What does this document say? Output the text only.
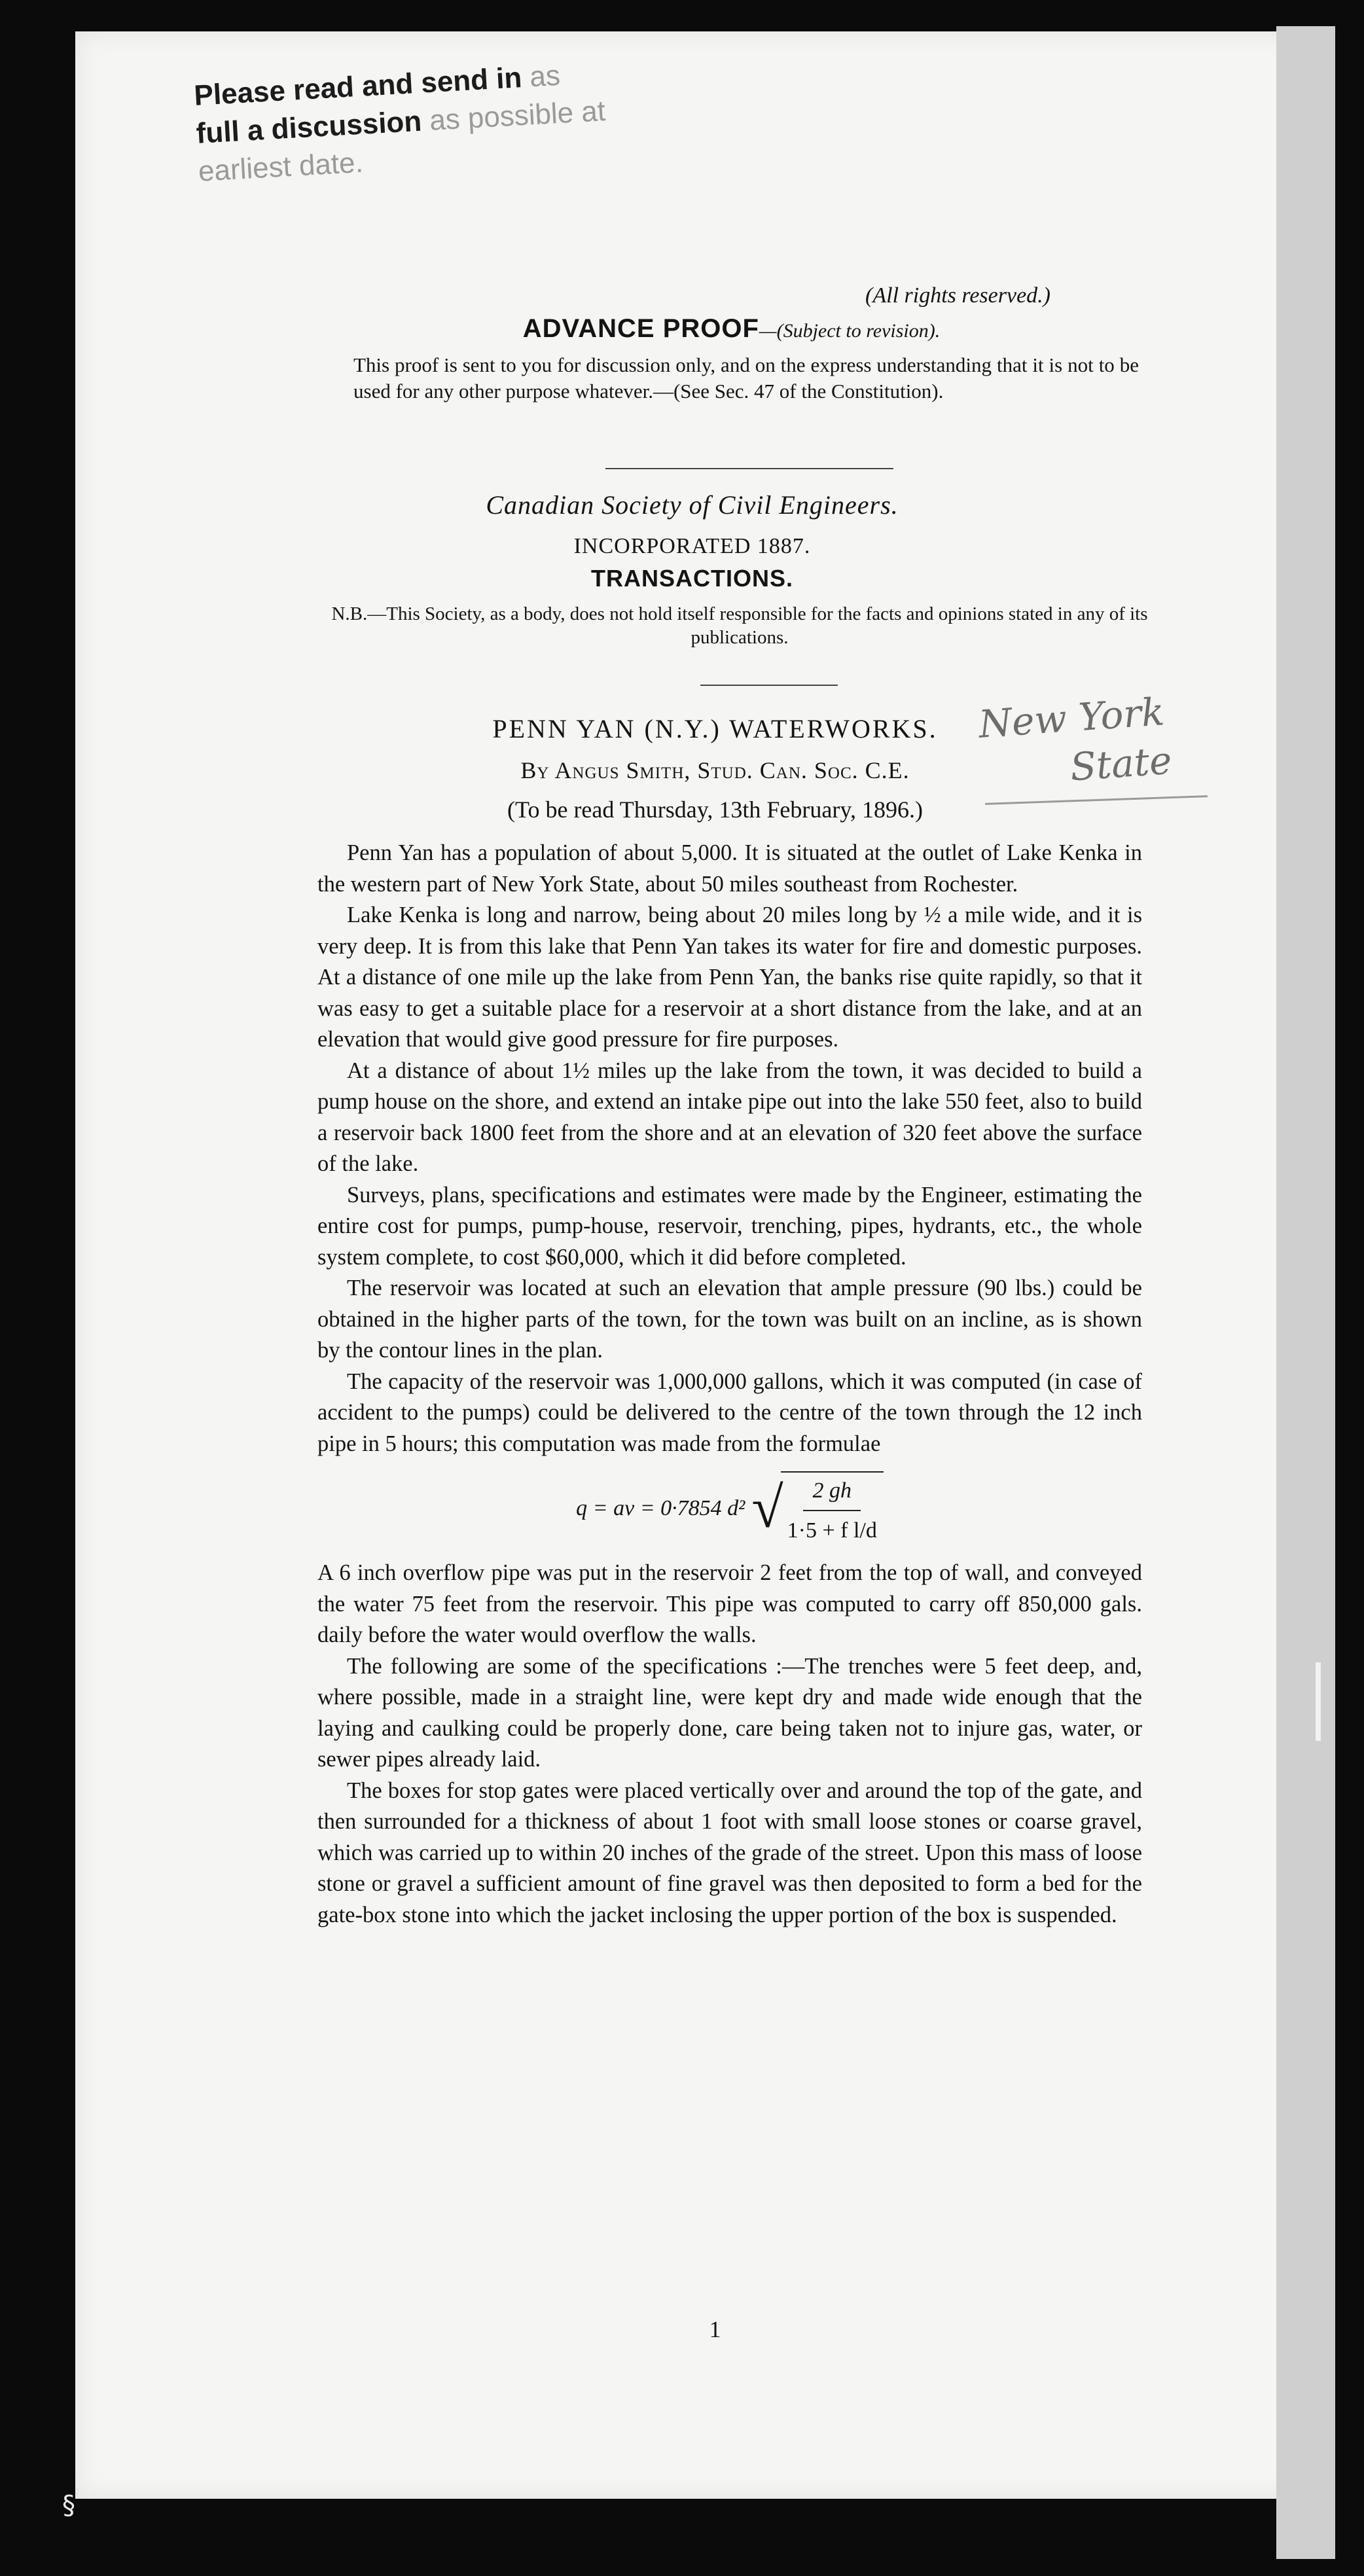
Please read and send in as
full a discussion as possible at
earliest date.
(All rights reserved.)
ADVANCE PROOF—(Subject to revision).
This proof is sent to you for discussion only, and on the express understanding that it is not to be used for any other purpose whatever.—(See Sec. 47 of the Constitution).
Canadian Society of Civil Engineers.
INCORPORATED 1887.
TRANSACTIONS.
N.B.—This Society, as a body, does not hold itself responsible for the facts and opinions stated in any of its publications.
PENN YAN (N.Y.) WATERWORKS.
By Angus Smith, Stud. Can. Soc. C.E.
(To be read Thursday, 13th February, 1896.)
New York
State

Penn Yan has a population of about 5,000. It is situated at the outlet of Lake Kenka in the western part of New York State, about 50 miles southeast from Rochester.

Lake Kenka is long and narrow, being about 20 miles long by ½ a mile wide, and it is very deep. It is from this lake that Penn Yan takes its water for fire and domestic purposes. At a distance of one mile up the lake from Penn Yan, the banks rise quite rapidly, so that it was easy to get a suitable place for a reservoir at a short distance from the lake, and at an elevation that would give good pressure for fire purposes.

At a distance of about 1½ miles up the lake from the town, it was decided to build a pump house on the shore, and extend an intake pipe out into the lake 550 feet, also to build a reservoir back 1800 feet from the shore and at an elevation of 320 feet above the surface of the lake.

Surveys, plans, specifications and estimates were made by the Engineer, estimating the entire cost for pumps, pump-house, reservoir, trenching, pipes, hydrants, etc., the whole system complete, to cost $60,000, which it did before completed.

The reservoir was located at such an elevation that ample pressure (90 lbs.) could be obtained in the higher parts of the town, for the town was built on an incline, as is shown by the contour lines in the plan.

The capacity of the reservoir was 1,000,000 gallons, which it was computed (in case of accident to the pumps) could be delivered to the centre of the town through the 12 inch pipe in 5 hours; this computation was made from the formulae

q = av = 0·7854 d² √
$\frac{2 gh}{\text{1·5 + f l/d}}$

A 6 inch overflow pipe was put in the reservoir 2 feet from the top of wall, and conveyed the water 75 feet from the reservoir. This pipe was computed to carry off 850,000 gals. daily before the water would overflow the walls.

The following are some of the specifications :—The trenches were 5 feet deep, and, where possible, made in a straight line, were kept dry and made wide enough that the laying and caulking could be properly done, care being taken not to injure gas, water, or sewer pipes already laid.

The boxes for stop gates were placed vertically over and around the top of the gate, and then surrounded for a thickness of about 1 foot with small loose stones or coarse gravel, which was carried up to within 20 inches of the grade of the street. Upon this mass of loose stone or gravel a sufficient amount of fine gravel was then deposited to form a bed for the gate-box stone into which the jacket inclosing the upper portion of the box is suspended.

1
§
